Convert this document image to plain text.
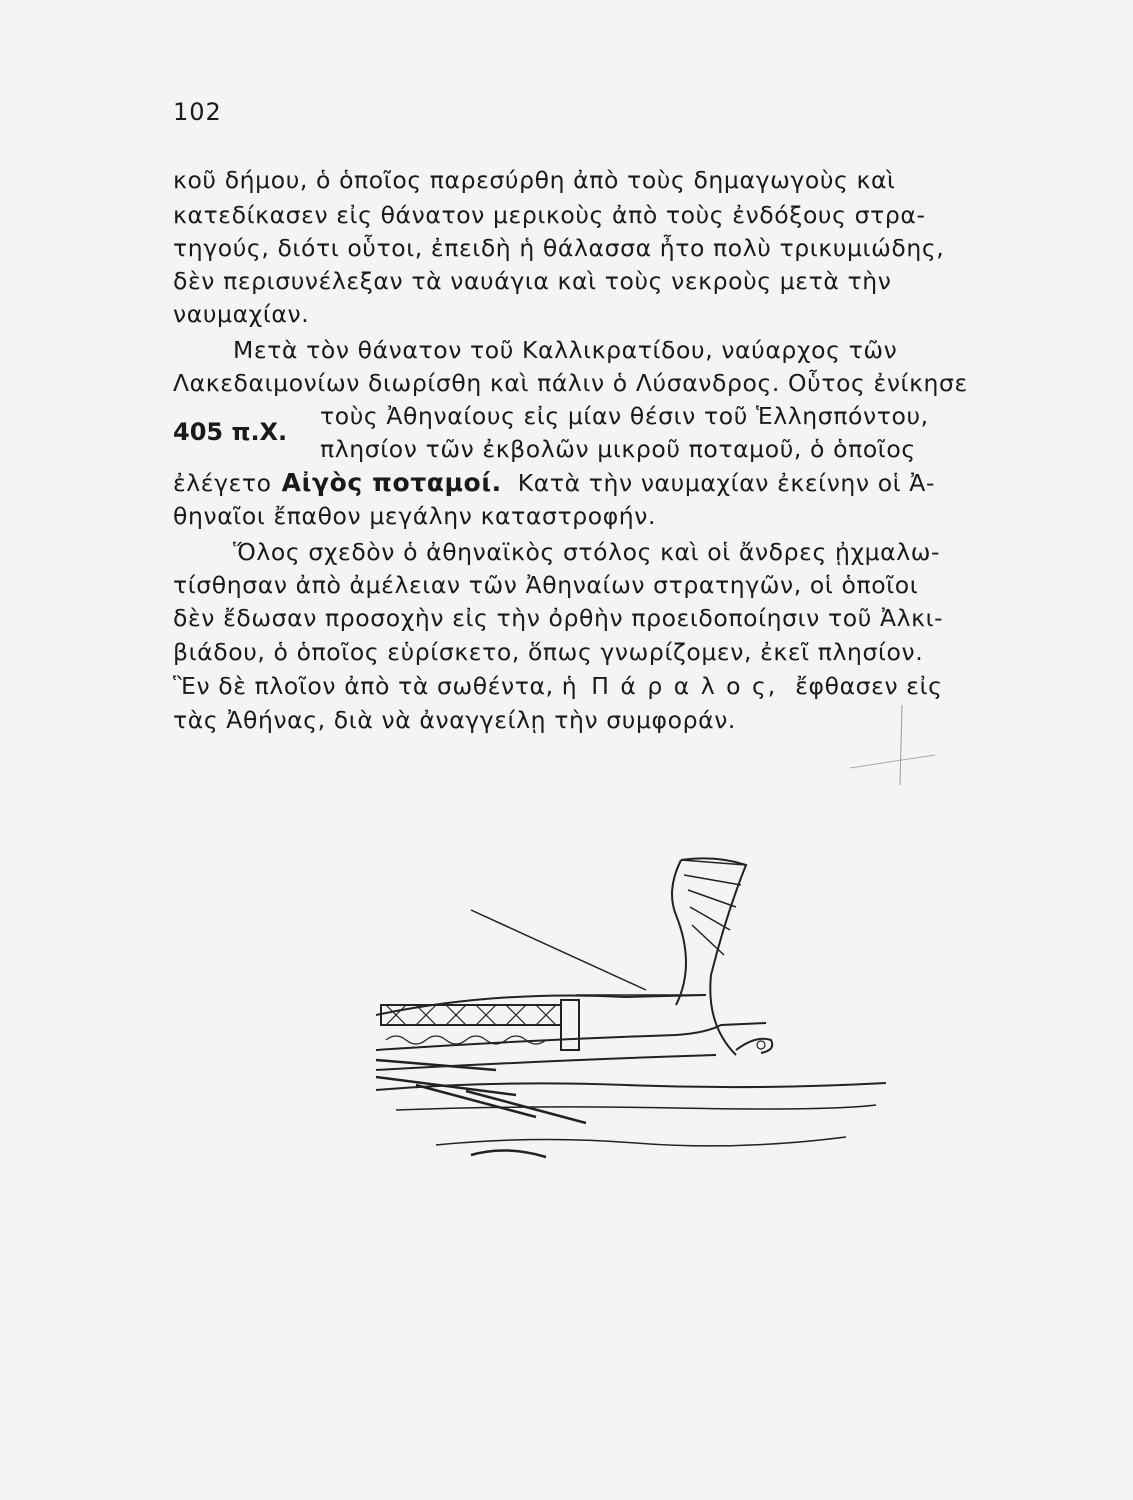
102
κοῦ δήμου, ὁ ὁποῖος παρεσύρθη ἀπὸ τοὺς δημαγωγοὺς καὶ
κατεδίκασεν εἰς θάνατον μερικοὺς ἀπὸ τοὺς ἐνδόξους στρα-
τηγούς, διότι οὗτοι, ἐπειδὴ ἡ θάλασσα ἦτο πολὺ τρικυμιώδης,
δὲν περισυνέλεξαν τὰ ναυάγια καὶ τοὺς νεκροὺς μετὰ τὴν
ναυμαχίαν.
Μετὰ τὸν θάνατον τοῦ Καλλικρατίδου, ναύαρχος τῶν
Λακεδαιμονίων διωρίσθη καὶ πάλιν ὁ Λύσανδρος. Οὗτος ἐνίκησε
405 π.Χ.
τοὺς Ἀθηναίους εἰς μίαν θέσιν τοῦ Ἑλλησπόντου,
πλησίον τῶν ἐκβολῶν μικροῦ ποταμοῦ, ὁ ὁποῖος
ἐλέγετο Αἰγὸς ποταμοί. Κατὰ τὴν ναυμαχίαν ἐκείνην οἱ Ἀ-
θηναῖοι ἔπαθον μεγάλην καταστροφήν.
Ὅλος σχεδὸν ὁ ἀθηναϊκὸς στόλος καὶ οἱ ἄνδρες ᾐχμαλω-
τίσθησαν ἀπὸ ἀμέλειαν τῶν Ἀθηναίων στρατηγῶν, οἱ ὁποῖοι
δὲν ἔδωσαν προσοχὴν εἰς τὴν ὀρθὴν προειδοποίησιν τοῦ Ἀλκι-
βιάδου, ὁ ὁποῖος εὑρίσκετο, ὅπως γνωρίζομεν, ἐκεῖ πλησίον.
Ἓν δὲ πλοῖον ἀπὸ τὰ σωθέντα, ἡ Π ά ρ α λ ο ς, ἔφθασεν εἰς
τὰς Ἀθήνας, διὰ νὰ ἀναγγείλῃ τὴν συμφοράν.
